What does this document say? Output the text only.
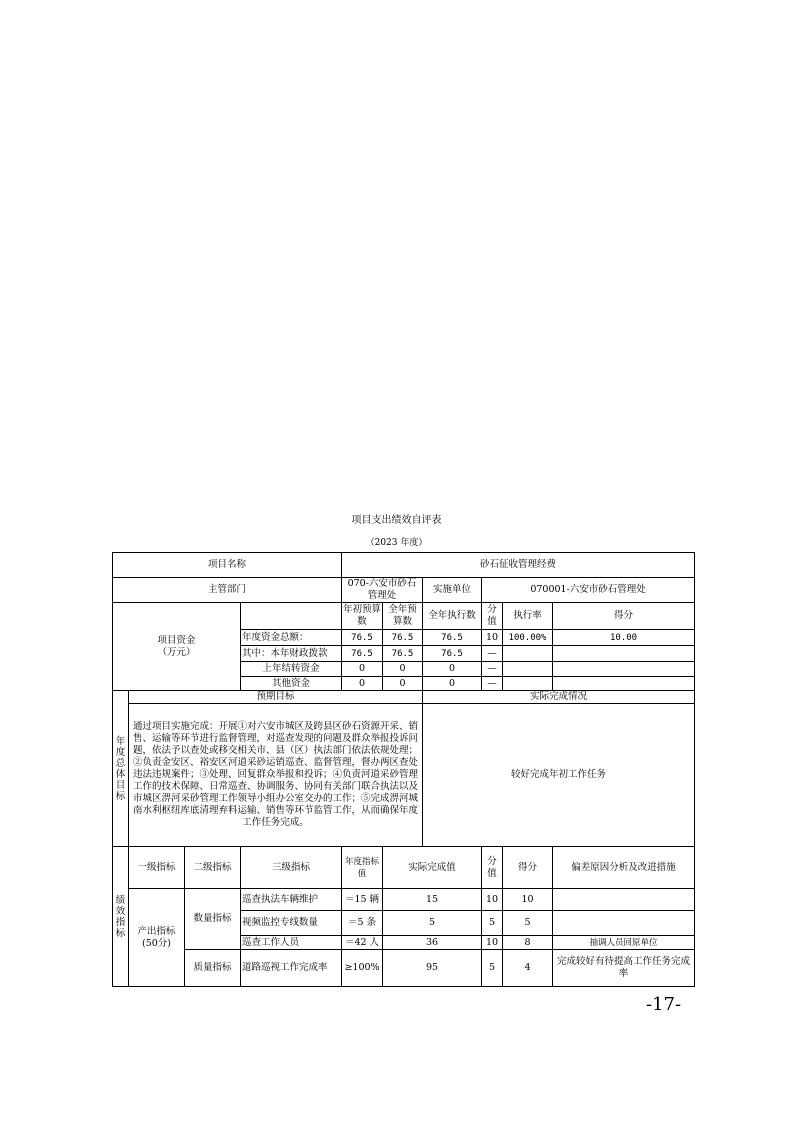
项目支出绩效自评表
（2023 年度）
项目名称				砂石征收管理经费					
主管部门				070-六安市砂石管理处		实施单位	070001-六安市砂石管理处		
项目资金
（万元）				年初预算数	全年预算数	全年执行数	分值	执行率	得分
			年度资金总额：	76.5	76.5	76.5	10	100.00%	10.00
			其中：本年财政拨款	76.5	76.5	76.5	—		
			上年结转资金	0	0	0	—		
			其他资金	0	0	0	—		

年度总体目标	预期目标					实际完成情况			
	通过项目实施完成：开展①对六安市城区及跨县区砂石资源开采、销售、运输等环节进行监督管理，对巡查发现的问题及群众举报投诉问题，依法予以查处或移交相关市、县（区）执法部门依法依规处理；②负责金安区、裕安区河道采砂运销巡查、监督管理，督办两区查处违法违规案件；③处理、回复群众举报和投诉；④负责河道采砂管理工作的技术保障、日常巡查、协调服务、协同有关部门联合执法以及市城区淠河采砂管理工作领导小组办公室交办的工作；⑤完成淠河城南水利枢纽库底清理弃料运输、销售等环节监管工作，从而确保年度工作任务完成。					较好完成年初工作任务			

绩效指标	一级指标	二级指标	三级指标	年度指标值	实际完成值		分值	得分	偏差原因分析及改进措施
	产出指标(50分)	数量指标	巡查执法车辆维护	＝15 辆	15		10	10	
			视频监控专线数量	＝5 条	5		5	5	
			巡查工作人员	＝42 人	36		10	8	抽调人员回原单位
		质量指标	道路巡视工作完成率	≥100%	95		5	4	完成较好有待提高工作任务完成率
-17-
